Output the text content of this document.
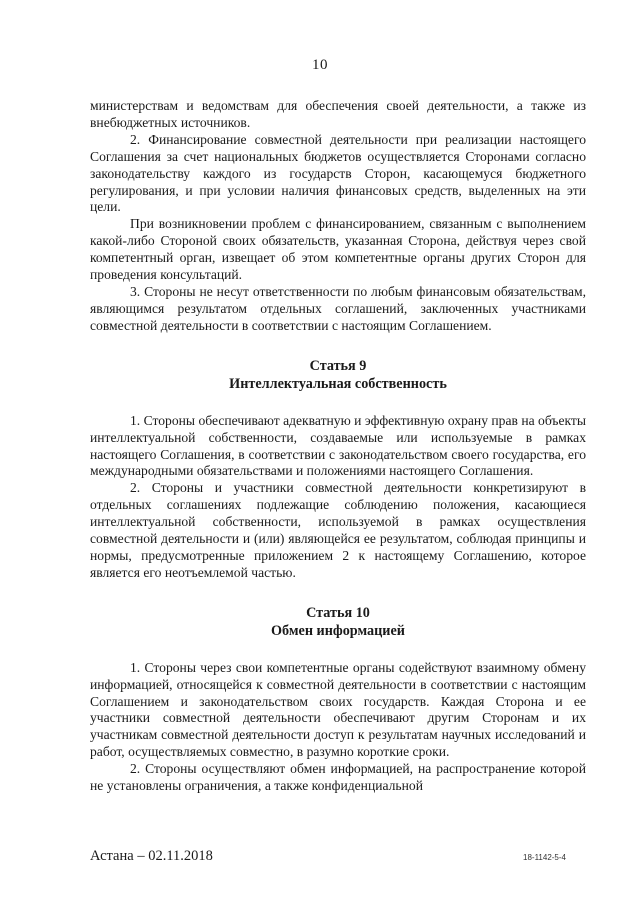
10

министерствам и ведомствам для обеспечения своей деятельности, а также из внебюджетных источников.

2. Финансирование совместной деятельности при реализации настоящего Соглашения за счет национальных бюджетов осуществляется Сторонами согласно законодательству каждого из государств Сторон, касающемуся бюджетного регулирования, и при условии наличия финансовых средств, выделенных на эти цели.

При возникновении проблем с финансированием, связанным с выполнением какой-либо Стороной своих обязательств, указанная Сторона, действуя через свой компетентный орган, извещает об этом компетентные органы других Сторон для проведения консультаций.

3. Стороны не несут ответственности по любым финансовым обязательствам, являющимся результатом отдельных соглашений, заключенных участниками совместной деятельности в соответствии с настоящим Соглашением.

Статья 9
Интеллектуальная собственность

1. Стороны обеспечивают адекватную и эффективную охрану прав на объекты интеллектуальной собственности, создаваемые или используемые в рамках настоящего Соглашения, в соответствии с законодательством своего государства, его международными обязательствами и положениями настоящего Соглашения.

2. Стороны и участники совместной деятельности конкретизируют в отдельных соглашениях подлежащие соблюдению положения, касающиеся интеллектуальной собственности, используемой в рамках осуществления совместной деятельности и (или) являющейся ее результатом, соблюдая принципы и нормы, предусмотренные приложением 2 к настоящему Соглашению, которое является его неотъемлемой частью.

Статья 10
Обмен информацией

1. Стороны через свои компетентные органы содействуют взаимному обмену информацией, относящейся к совместной деятельности в соответствии с настоящим Соглашением и законодательством своих государств. Каждая Сторона и ее участники совместной деятельности обеспечивают другим Сторонам и их участникам совместной деятельности доступ к результатам научных исследований и работ, осуществляемых совместно, в разумно короткие сроки.

2. Стороны осуществляют обмен информацией, на распространение которой не установлены ограничения, а также конфиденциальной

Астана – 02.11.2018	18-1142-5-4
